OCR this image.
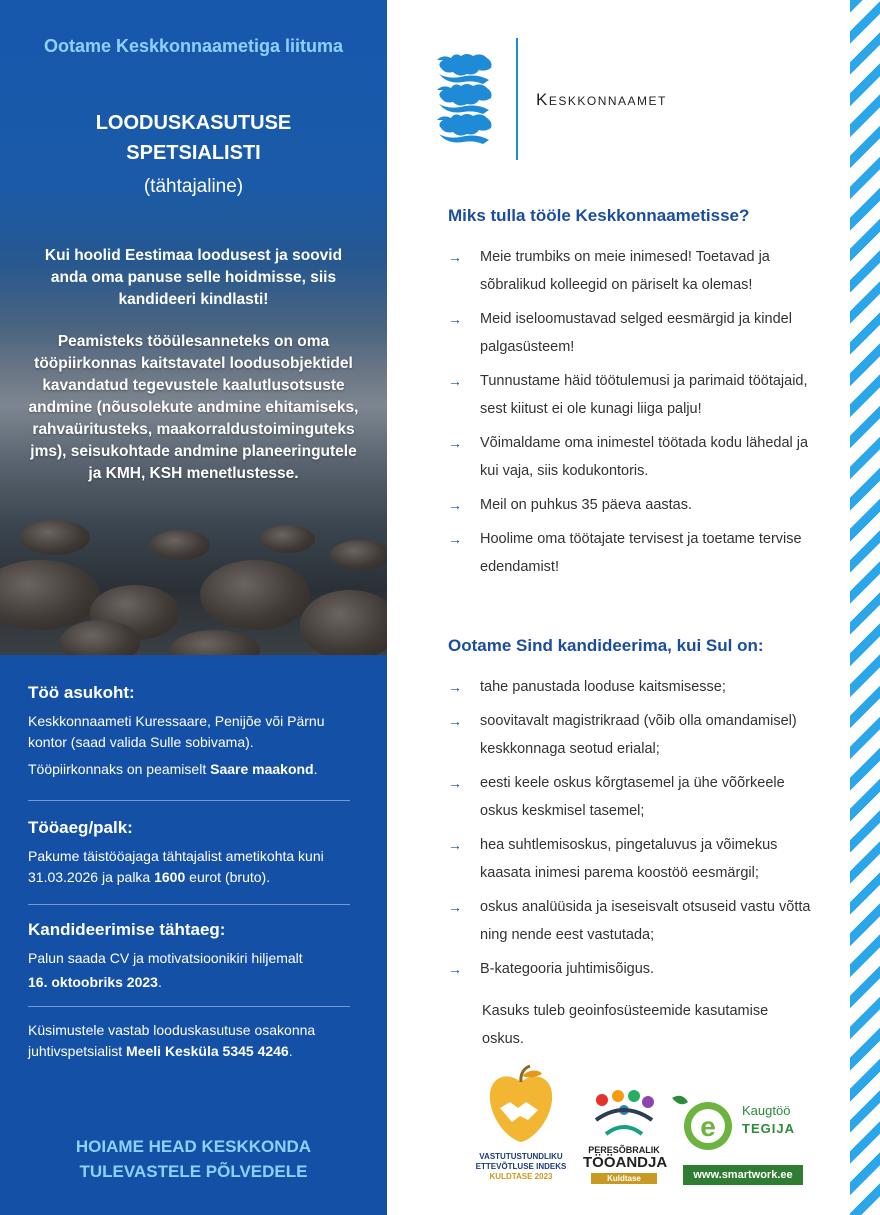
Ootame Keskkonnaametiga liituma
LOODUSKASUTUSE
SPETSIALISTI
(tähtajaline)
Kui hoolid Eestimaa loodusest ja soovid anda oma panuse selle hoidmisse, siis kandideeri kindlasti!
Peamisteks tööülesanneteks on oma tööpiirkonnas kaitstavatel loodusobjektidel kavandatud tegevustele kaalutlusotsuste andmine (nõusolekute andmine ehitamiseks, rahvaüritusteks, maakorraldustoiminguteks jms), seisukohtade andmine planeeringutele ja KMH, KSH menetlustesse.
Töö asukoht:

Keskkonnaameti Kuressaare, Penijõe või Pärnu kontor (saad valida Sulle sobivama).

Tööpiirkonnaks on peamiselt Saare maakond.

Tööaeg/palk:

Pakume täistööajaga tähtajalist ametikohta kuni 31.03.2026 ja palka 1600 eurot (bruto).

Kandideerimise tähtaeg:

Palun saada CV ja motivatsioonikiri hiljemalt

16. oktoobriks 2023.

Küsimustele vastab looduskasutuse osakonna juhtivspetsialist Meeli Kesküla 5345 4246.

HOIAME HEAD KESKKONDA
TULEVASTELE PÕLVEDELE
Keskkonnaamet
Miks tulla tööle Keskkonnaametisse?
→ Meie trumbiks on meie inimesed! Toetavad ja sõbralikud kolleegid on päriselt ka olemas!
→ Meid iseloomustavad selged eesmärgid ja kindel palgasüsteem!
→ Tunnustame häid töötulemusi ja parimaid töötajaid, sest kiitust ei ole kunagi liiga palju!
→ Võimaldame oma inimestel töötada kodu lähedal ja kui vaja, siis kodukontoris.
→ Meil on puhkus 35 päeva aastas.
→ Hoolime oma töötajate tervisest ja toetame tervise edendamist!
Ootame Sind kandideerima, kui Sul on:
→ tahe panustada looduse kaitsmisesse;
→ soovitavalt magistrikraad (võib olla omandamisel) keskkonnaga seotud erialal;
→ eesti keele oskus kõrgtasemel ja ühe võõrkeele oskus keskmisel tasemel;
→ hea suhtlemisoskus, pingetaluvus ja võimekus kaasata inimesi parema koostöö eesmärgil;
→ oskus analüüsida ja iseseisvalt otsuseid vastu võtta ning nende eest vastutada;
→ B-kategooria juhtimisõigus.
Kasuks tuleb geoinfosüsteemide kasutamise oskus.
VASTUTUSTUNDLIKU
ETTEVÕTLUSE INDEKS
KULDTASE 2023
PERESÕBRALIK
TÖÖANDJA
Kuldtase
e
Kaugtöö
TEGIJA
www.smartwork.ee
